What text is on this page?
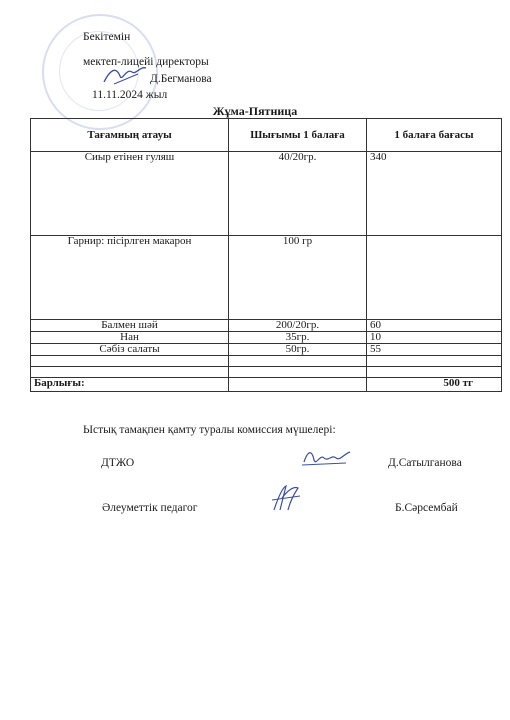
Бекітемін
мектеп-лицейі директоры
Д.Бегманова
11.11.2024 жыл
Жұма-Пятница
Тағамның атауы	Шығымы 1 балаға	1 балаға бағасы
Сиыр етінен гуляш	40/20гр.	340
Гарнир: пісірлген макарон	100 гр	
Балмен шәй	200/20гр.	60
Нан	35гр.	10
Сәбіз салаты	50гр.	55

Барлығы:		500 тг
Ыстық тамақпен қамту туралы комиссия мүшелері:
ДТЖО	Д.Сатылганова
Әлеуметтік педагог	Б.Сәрсембай
